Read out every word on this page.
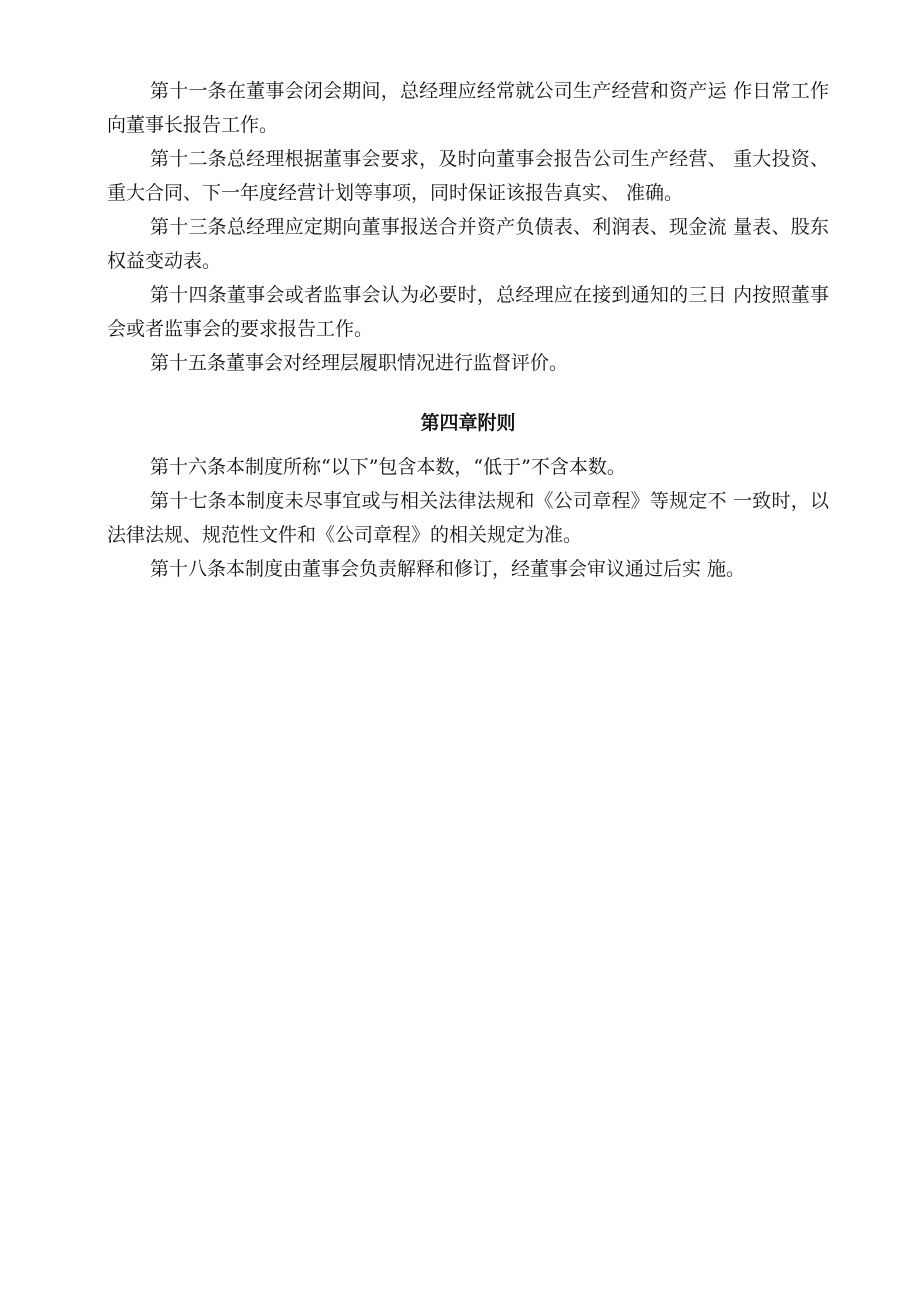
第十一条在董事会闭会期间，总经理应经常就公司生产经营和资产运 作日常工作向董事长报告工作。

第十二条总经理根据董事会要求，及时向董事会报告公司生产经营、 重大投资、重大合同、下一年度经营计划等事项，同时保证该报告真实、 准确。

第十三条总经理应定期向董事报送合并资产负债表、利润表、现金流 量表、股东权益变动表。

第十四条董事会或者监事会认为必要时，总经理应在接到通知的三日 内按照董事会或者监事会的要求报告工作。

第十五条董事会对经理层履职情况进行监督评价。

第四章附则

第十六条本制度所称“以下”包含本数，“低于”不含本数。

第十七条本制度未尽事宜或与相关法律法规和《公司章程》等规定不 一致时，以法律法规、规范性文件和《公司章程》的相关规定为准。

第十八条本制度由董事会负责解释和修订，经董事会审议通过后实 施。
